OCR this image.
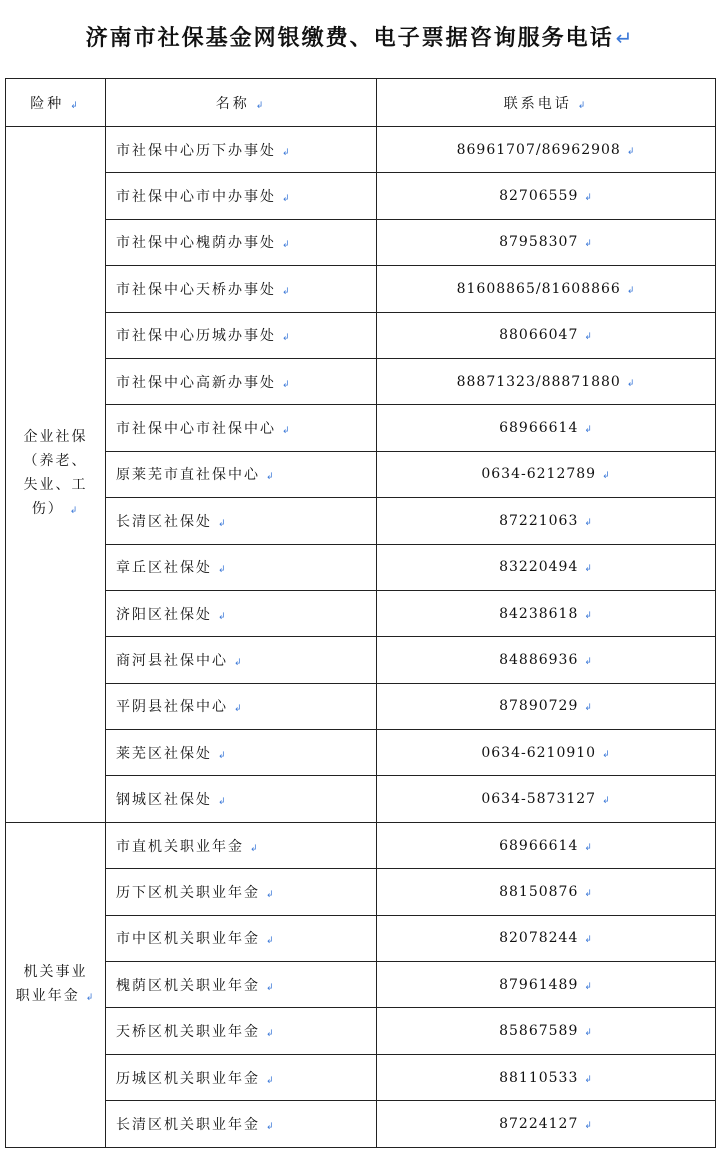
济南市社保基金网银缴费、电子票据咨询服务电话 ↵
险种 ↲	名称 ↲	联系电话 ↲

企业社保
（养老、
失业、工
伤） ↲	市社保中心历下办事处 ↲	86961707/86962908 ↲
	市社保中心市中办事处 ↲	82706559 ↲
	市社保中心槐荫办事处 ↲	87958307 ↲
	市社保中心天桥办事处 ↲	81608865/81608866 ↲
	市社保中心历城办事处 ↲	88066047 ↲
	市社保中心高新办事处 ↲	88871323/88871880 ↲
	市社保中心市社保中心 ↲	68966614 ↲
	原莱芜市直社保中心 ↲	0634-6212789 ↲
	长清区社保处 ↲	87221063 ↲
	章丘区社保处 ↲	83220494 ↲
	济阳区社保处 ↲	84238618 ↲
	商河县社保中心 ↲	84886936 ↲
	平阴县社保中心 ↲	87890729 ↲
	莱芜区社保处 ↲	0634-6210910 ↲
	钢城区社保处 ↲	0634-5873127 ↲

机关事业
职业年金 ↲	市直机关职业年金 ↲	68966614 ↲
	历下区机关职业年金 ↲	88150876 ↲
	市中区机关职业年金 ↲	82078244 ↲
	槐荫区机关职业年金 ↲	87961489 ↲
	天桥区机关职业年金 ↲	85867589 ↲
	历城区机关职业年金 ↲	88110533 ↲
	长清区机关职业年金 ↲	87224127 ↲
